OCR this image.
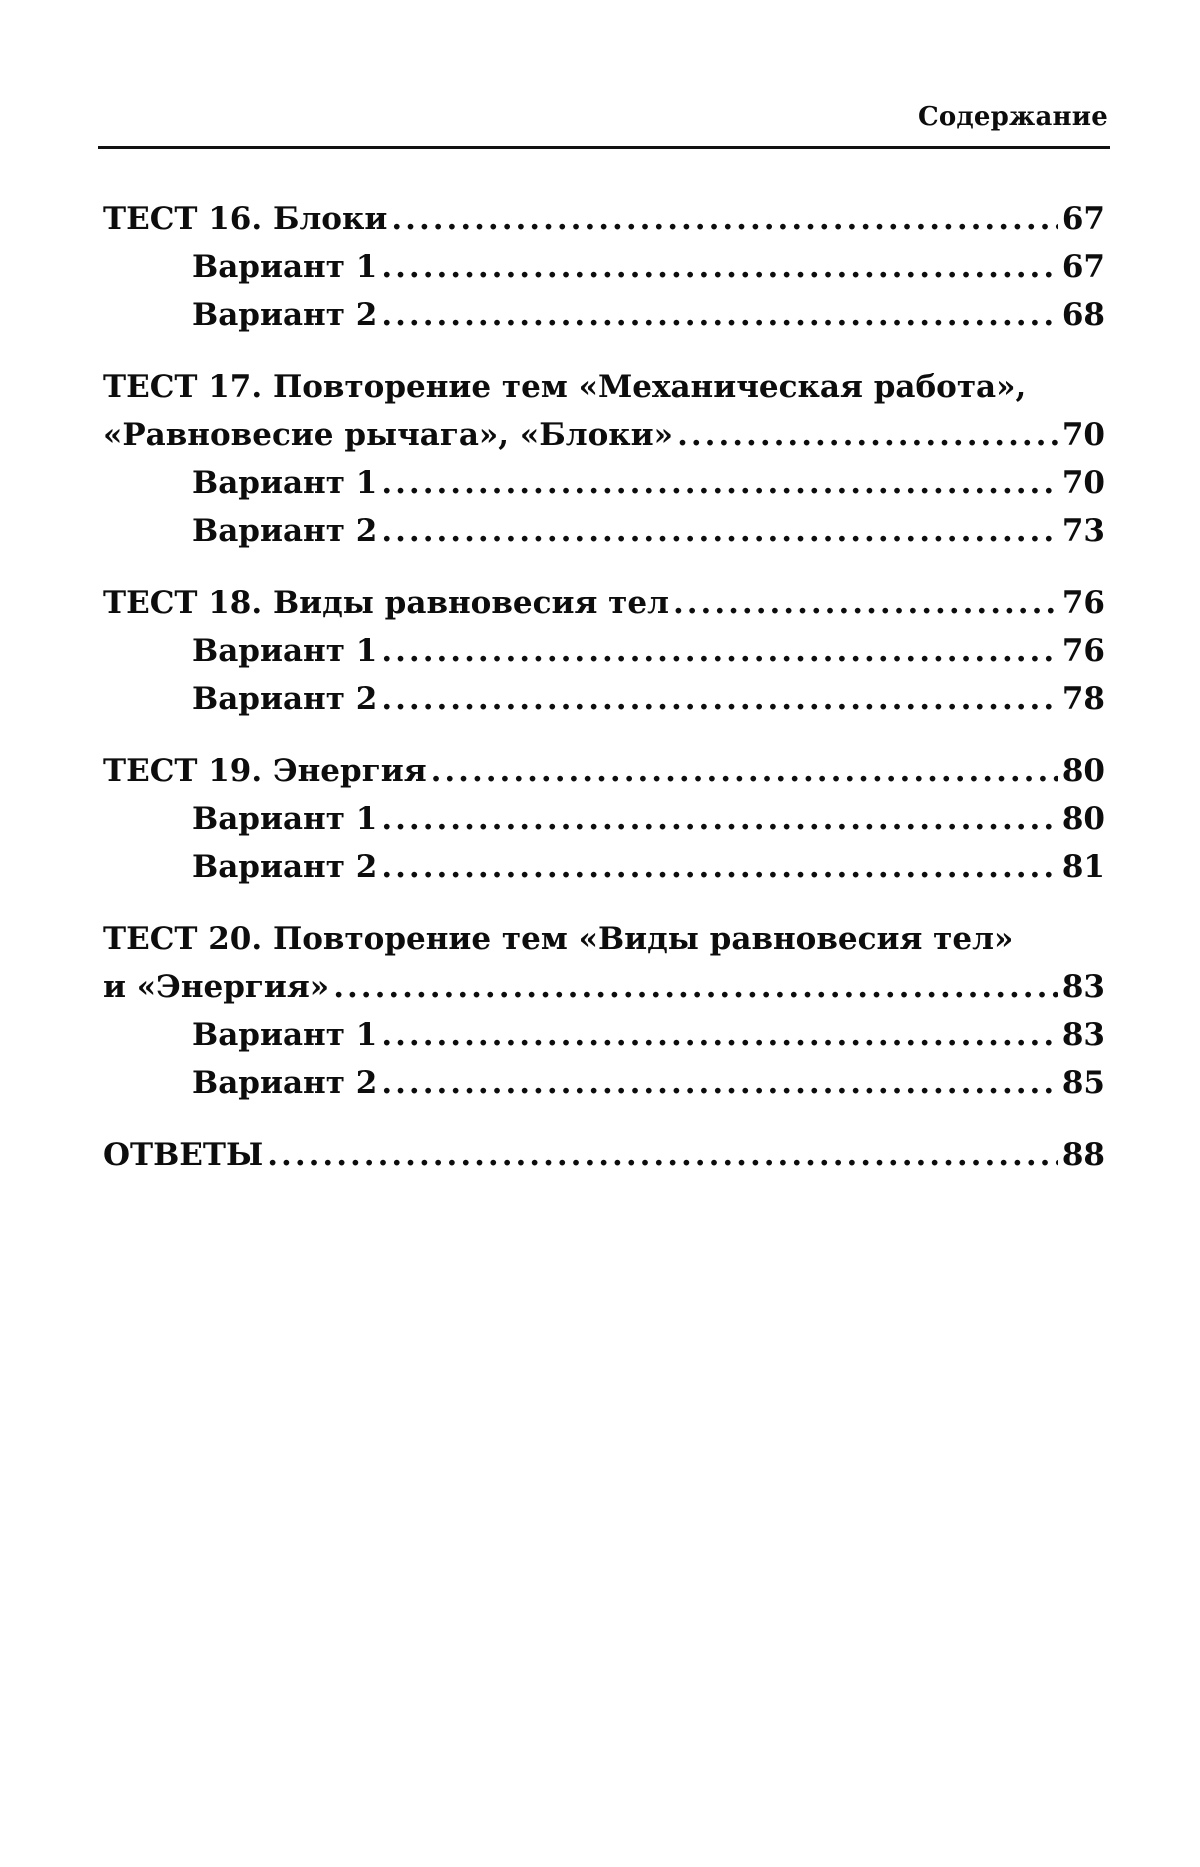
Содержание
ТЕСТ 16. Блоки .....	67
Вариант 1 .....	67
Вариант 2 .....	68
ТЕСТ 17. Повторение тем «Механическая работа»,
«Равновесие рычага», «Блоки» .....	70
Вариант 1 .....	70
Вариант 2 .....	73
ТЕСТ 18. Виды равновесия тел .....	76
Вариант 1 .....	76
Вариант 2 .....	78
ТЕСТ 19. Энергия .....	80
Вариант 1 .....	80
Вариант 2 .....	81
ТЕСТ 20. Повторение тем «Виды равновесия тел»
и «Энергия» .....	83
Вариант 1 .....	83
Вариант 2 .....	85
ОТВЕТЫ .....	88
